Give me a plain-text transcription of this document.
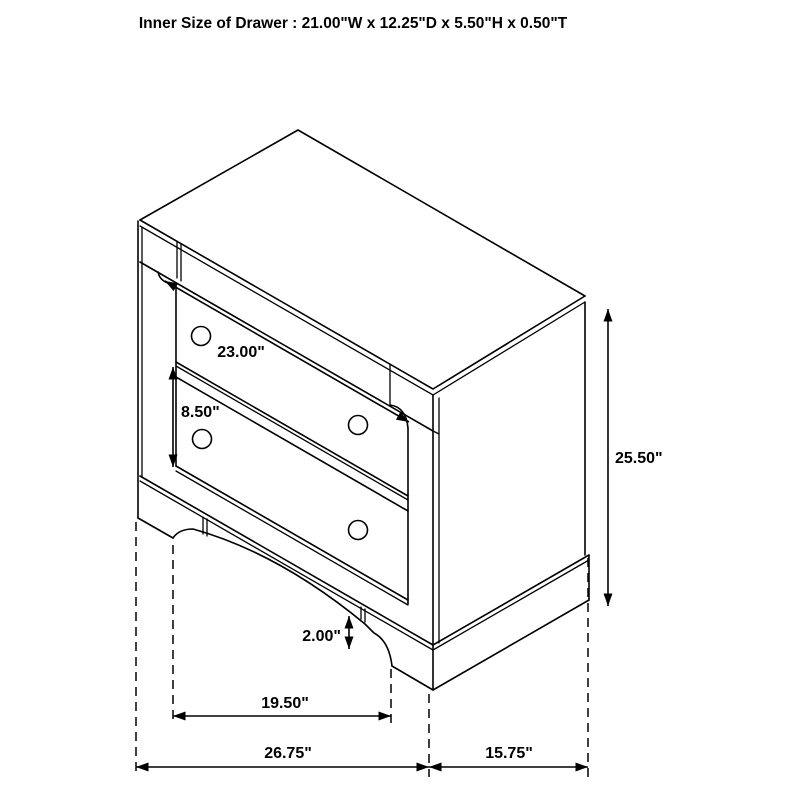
Inner Size of Drawer : 21.00"W x 12.25"D x 5.50"H x 0.50"T
23.00"
8.50"
25.50"
2.00"
19.50"
26.75"	15.75"
